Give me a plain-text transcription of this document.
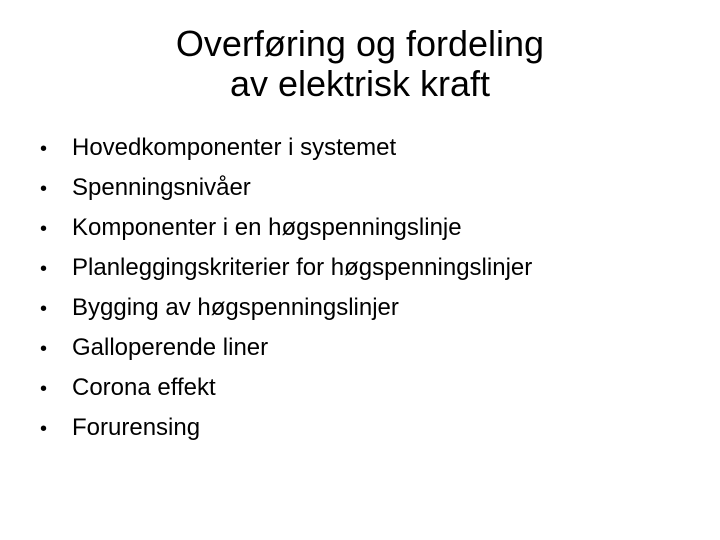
Overføring og fordeling
av elektrisk kraft
•	Hovedkomponenter i systemet
•	Spenningsnivåer
•	Komponenter i en høgspenningslinje
•	Planleggingskriterier for høgspenningslinjer
•	Bygging av høgspenningslinjer
•	Galloperende liner
•	Corona effekt
•	Forurensing
